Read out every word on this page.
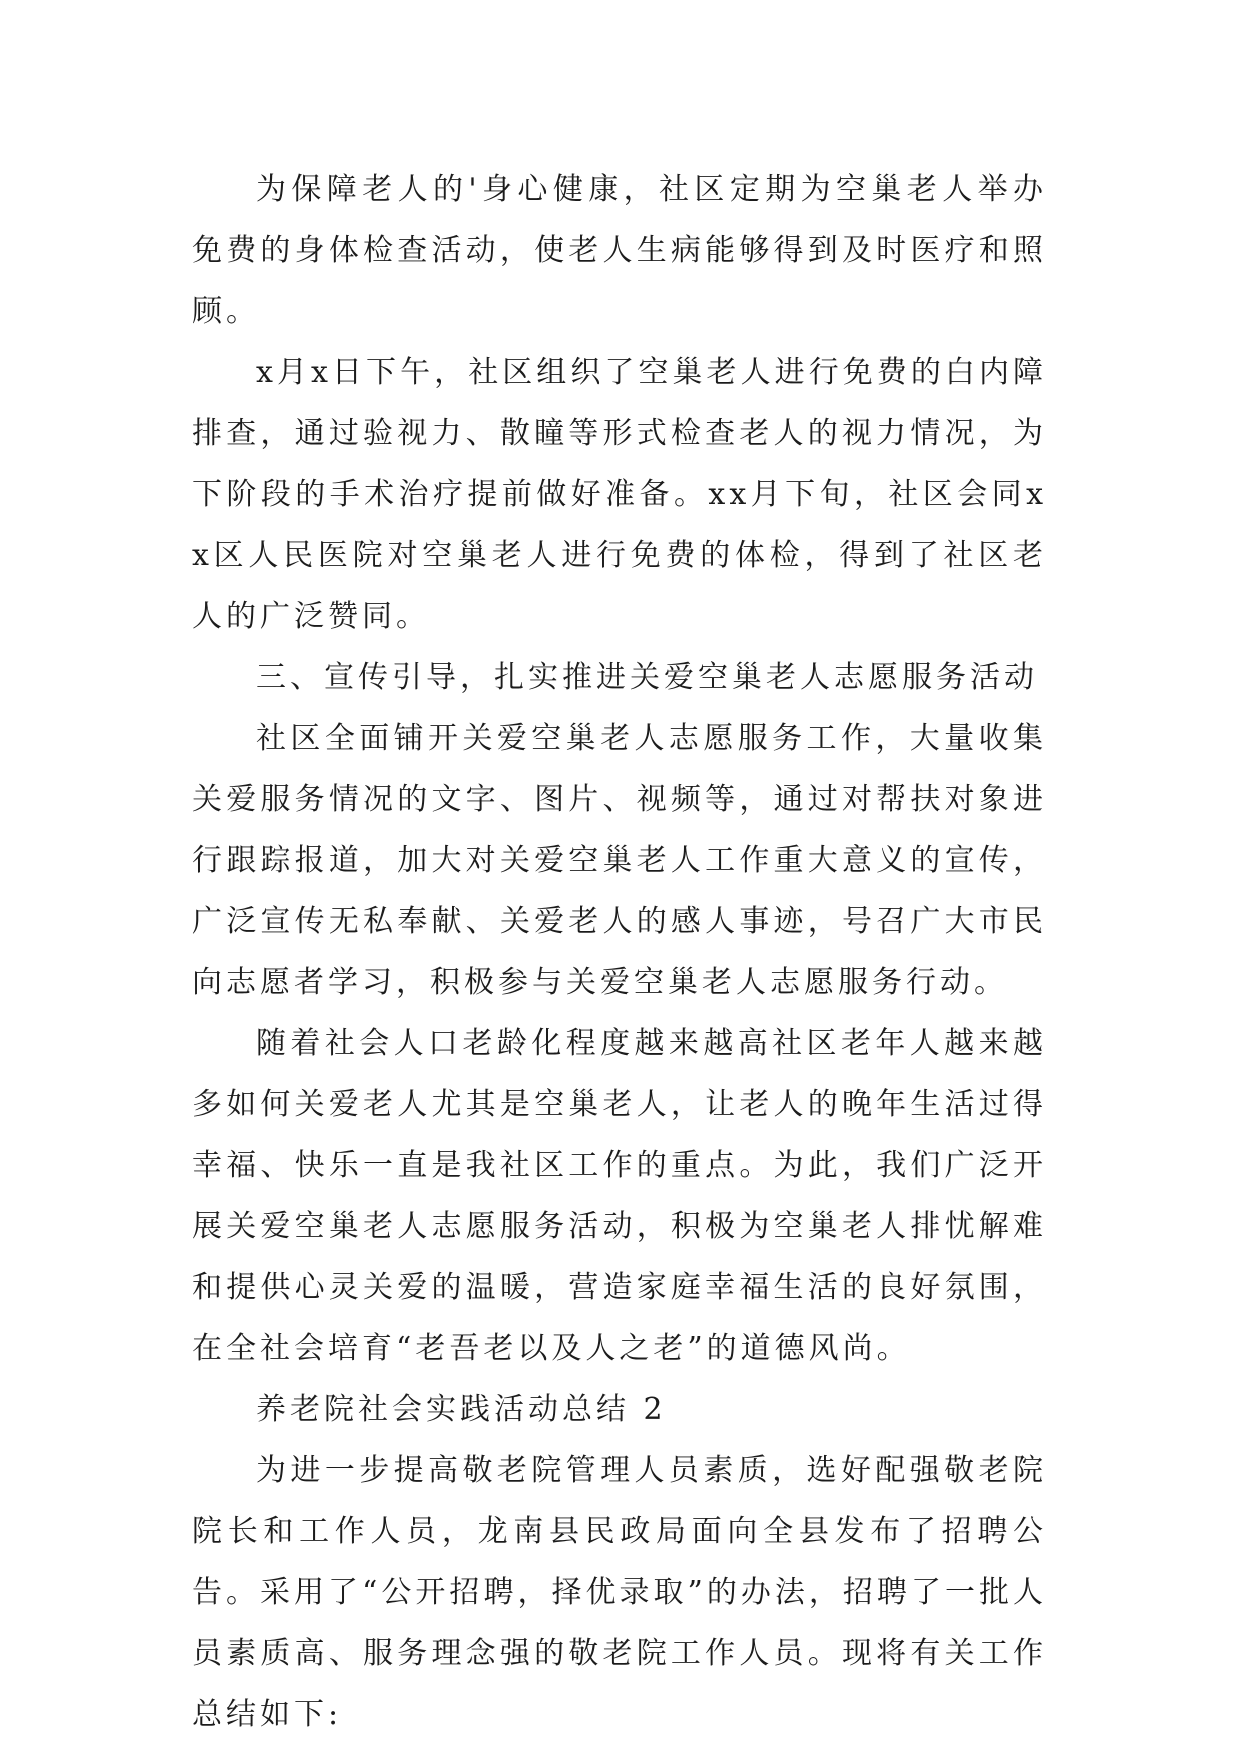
为保障老人的'身心健康，社区定期为空巢老人举办免费的身体检查活动，使老人生病能够得到及时医疗和照顾。

x月x日下午，社区组织了空巢老人进行免费的白内障排查，通过验视力、散瞳等形式检查老人的视力情况，为下阶段的手术治疗提前做好准备。xx月下旬，社区会同xx区人民医院对空巢老人进行免费的体检，得到了社区老人的广泛赞同。

三、宣传引导，扎实推进关爱空巢老人志愿服务活动

社区全面铺开关爱空巢老人志愿服务工作，大量收集关爱服务情况的文字、图片、视频等，通过对帮扶对象进行跟踪报道，加大对关爱空巢老人工作重大意义的宣传，广泛宣传无私奉献、关爱老人的感人事迹，号召广大市民向志愿者学习，积极参与关爱空巢老人志愿服务行动。

随着社会人口老龄化程度越来越高社区老年人越来越多如何关爱老人尤其是空巢老人，让老人的晚年生活过得幸福、快乐一直是我社区工作的重点。为此，我们广泛开展关爱空巢老人志愿服务活动，积极为空巢老人排忧解难和提供心灵关爱的温暖，营造家庭幸福生活的良好氛围，在全社会培育“老吾老以及人之老”的道德风尚。

养老院社会实践活动总结 2

为进一步提高敬老院管理人员素质，选好配强敬老院院长和工作人员，龙南县民政局面向全县发布了招聘公告。采用了“公开招聘，择优录取”的办法，招聘了一批人员素质高、服务理念强的敬老院工作人员。现将有关工作总结如下:
